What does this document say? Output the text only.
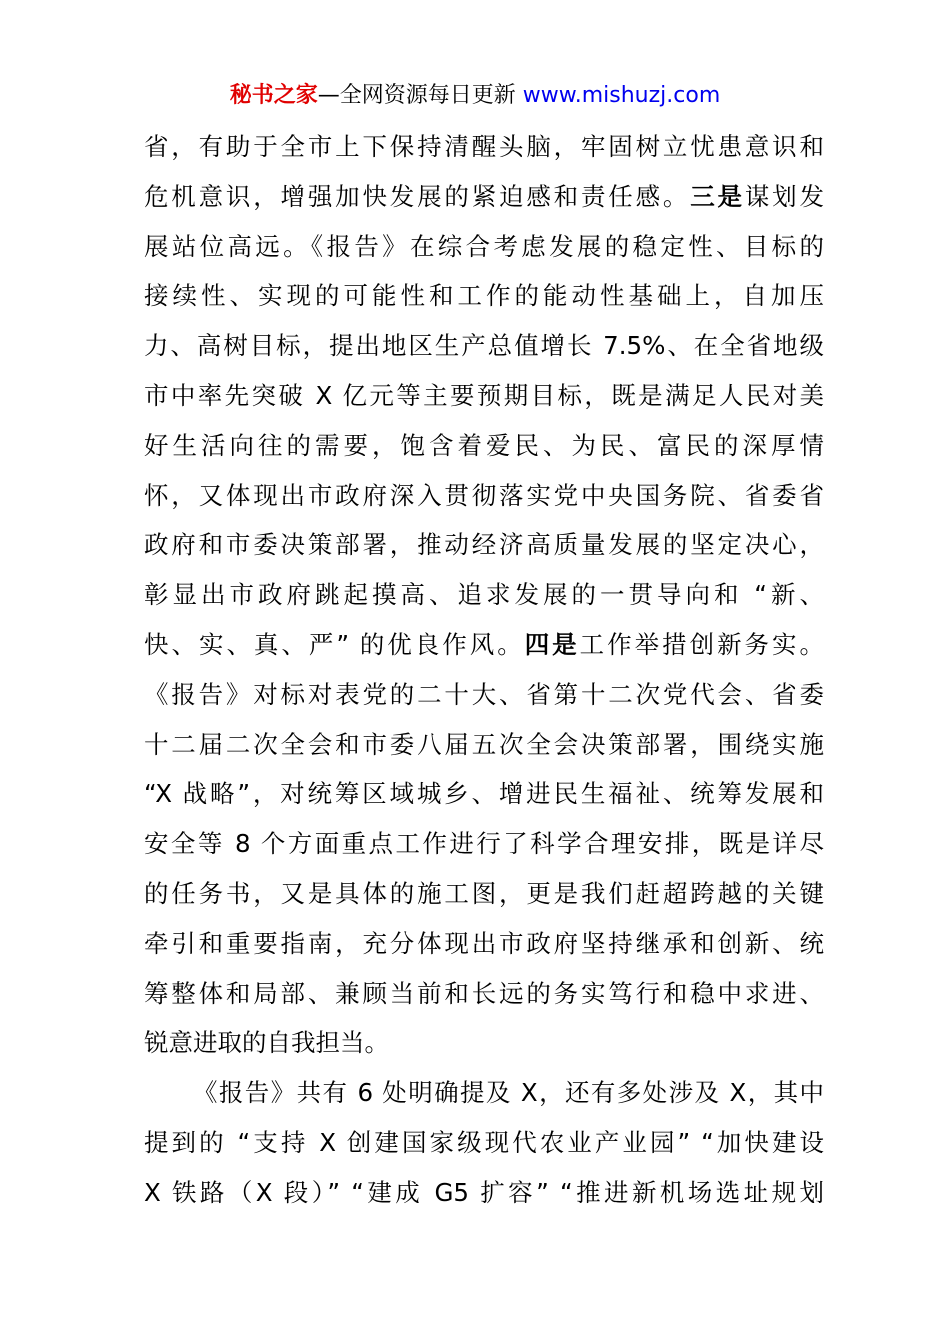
秘书之家—全网资源每日更新 www.mishuzj.com
省，有助于全市上下保持清醒头脑，牢固树立忧患意识和
危机意识，增强加快发展的紧迫感和责任感。三是谋划发
展站位高远。《报告》在综合考虑发展的稳定性、目标的
接续性、实现的可能性和工作的能动性基础上，自加压
力、高树目标，提出地区生产总值增长 7.5%、在全省地级
市中率先突破 X 亿元等主要预期目标，既是满足人民对美
好生活向往的需要，饱含着爱民、为民、富民的深厚情
怀，又体现出市政府深入贯彻落实党中央国务院、省委省
政府和市委决策部署，推动经济高质量发展的坚定决心，
彰显出市政府跳起摸高、追求发展的一贯导向和 “新、
快、实、真、严” 的优良作风。四是工作举措创新务实。
《报告》对标对表党的二十大、省第十二次党代会、省委
十二届二次全会和市委八届五次全会决策部署，围绕实施
“X 战略”，对统筹区域城乡、增进民生福祉、统筹发展和
安全等 8 个方面重点工作进行了科学合理安排，既是详尽
的任务书，又是具体的施工图，更是我们赶超跨越的关键
牵引和重要指南，充分体现出市政府坚持继承和创新、统
筹整体和局部、兼顾当前和长远的务实笃行和稳中求进、
锐意进取的自我担当。
《报告》共有 6 处明确提及 X，还有多处涉及 X，其中
提到的 “支持 X 创建国家级现代农业产业园” “加快建设
X 铁路（X 段）” “建成 G5 扩容” “推进新机场选址规划
